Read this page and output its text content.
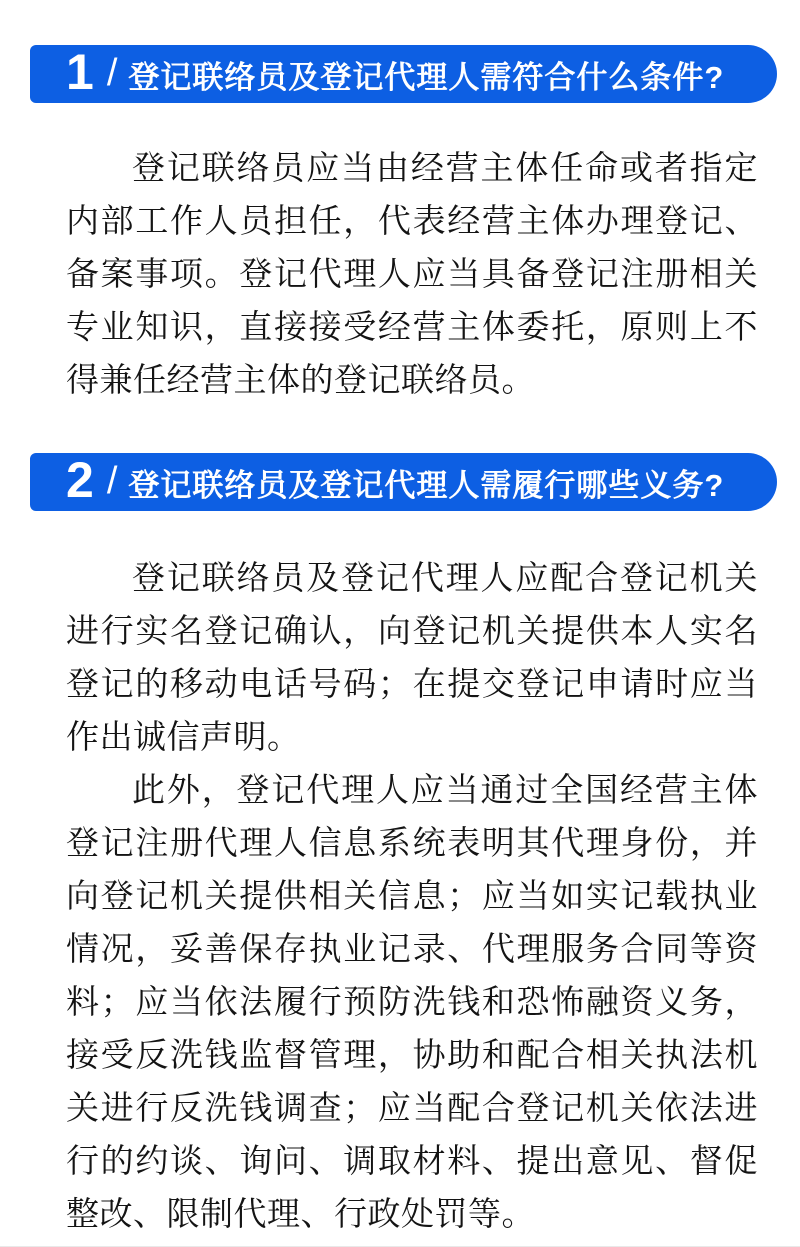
1 / 登记联络员及登记代理人需符合什么条件?

登记联络员应当由经营主体任命或者指定内部工作人员担任，代表经营主体办理登记、备案事项。登记代理人应当具备登记注册相关专业知识，直接接受经营主体委托，原则上不得兼任经营主体的登记联络员。

2 / 登记联络员及登记代理人需履行哪些义务?

登记联络员及登记代理人应配合登记机关进行实名登记确认，向登记机关提供本人实名登记的移动电话号码；在提交登记申请时应当作出诚信声明。

此外，登记代理人应当通过全国经营主体登记注册代理人信息系统表明其代理身份，并向登记机关提供相关信息；应当如实记载执业情况，妥善保存执业记录、代理服务合同等资料；应当依法履行预防洗钱和恐怖融资义务，接受反洗钱监督管理，协助和配合相关执法机关进行反洗钱调查；应当配合登记机关依法进行的约谈、询问、调取材料、提出意见、督促整改、限制代理、行政处罚等。
